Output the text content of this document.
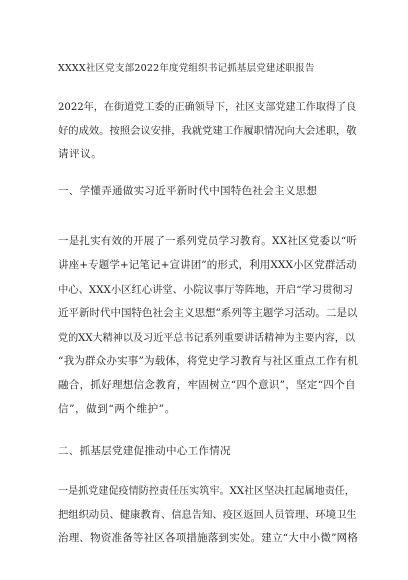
XXXX社区党支部2022年度党组织书记抓基层党建述职报告
2022年，在街道党工委的正确领导下，社区支部党建工作取得了良
好的成效。按照会议安排，我就党建工作履职情况向大会述职，敬
请评议。
一、学懂弄通做实习近平新时代中国特色社会主义思想
一是扎实有效的开展了一系列党员学习教育。XX社区党委以“听
讲座+专题学+记笔记+宣讲团”的形式，利用XXX小区党群活动
中心、XXX小区红心讲堂、小院议事厅等阵地，开启“学习贯彻习
近平新时代中国特色社会主义思想”系列等主题学习活动。二是以
党的XX大精神以及习近平总书记系列重要讲话精神为主要内容，以
“我为群众办实事”为载体，将党史学习教育与社区重点工作有机
融合，抓好理想信念教育，牢固树立“四个意识”，坚定“四个自
信”，做到“两个维护”。
二、抓基层党建促推动中心工作情况
一是抓党建促疫情防控责任压实筑牢。XX社区坚决扛起属地责任，
把组织动员、健康教育、信息告知、疫区返回人员管理、环境卫生
治理、物资准备等社区各项措施落到实处。建立“大中小微”网格
